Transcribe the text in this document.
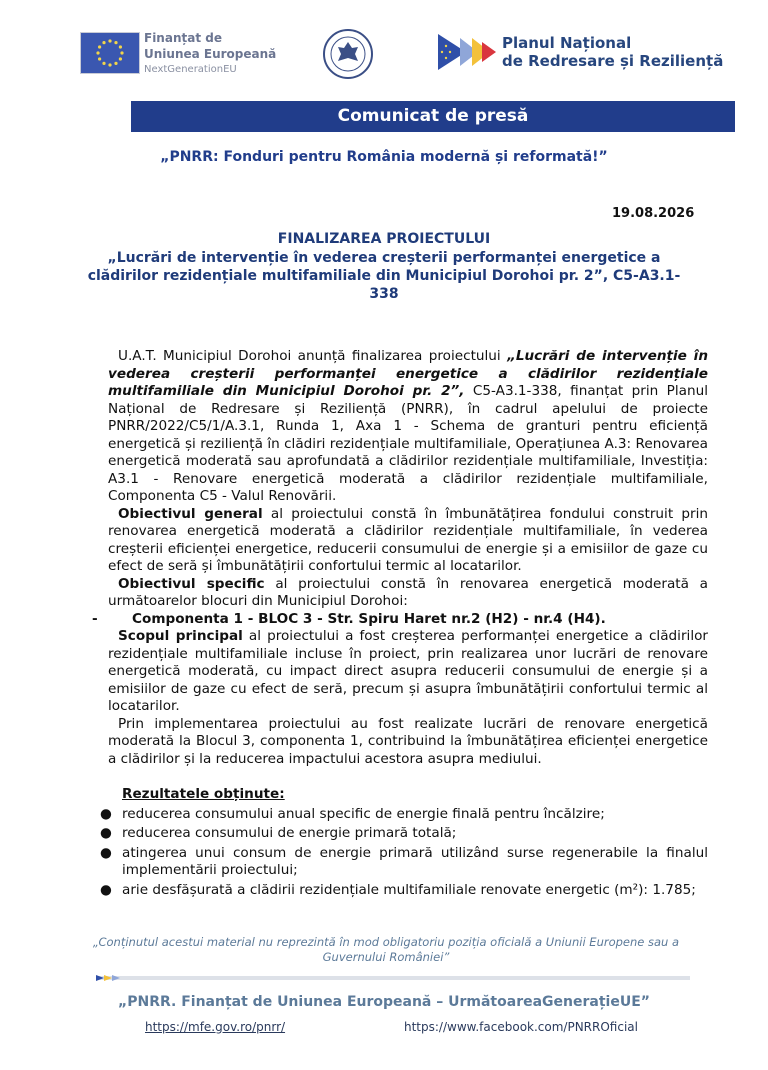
Finanțat de
Uniunea Europeană
NextGenerationEU
Planul Național
de Redresare și Reziliență
Comunicat de presă
„PNRR: Fonduri pentru România modernă și reformată!”
19.08.2026
FINALIZAREA PROIECTULUI
„Lucrări de intervenție în vederea creșterii performanței energetice a clădirilor rezidențiale multifamiliale din Municipiul Dorohoi pr. 2”, C5-A3.1-338

U.A.T. Municipiul Dorohoi anunță finalizarea proiectului „Lucrări de intervenție în vederea creșterii performanței energetice a clădirilor rezidențiale multifamiliale din Municipiul Dorohoi pr. 2”, C5-A3.1-338, finanțat prin Planul Național de Redresare și Reziliență (PNRR), în cadrul apelului de proiecte PNRR/2022/C5/1/A.3.1, Runda 1, Axa 1 - Schema de granturi pentru eficiență energetică și reziliență în clădiri rezidențiale multifamiliale, Operațiunea A.3: Renovarea energetică moderată sau aprofundată a clădirilor rezidențiale multifamiliale, Investiția: A3.1 - Renovare energetică moderată a clădirilor rezidențiale multifamiliale, Componenta C5 - Valul Renovării.

Obiectivul general al proiectului constă în îmbunătățirea fondului construit prin renovarea energetică moderată a clădirilor rezidențiale multifamiliale, în vederea creșterii eficienței energetice, reducerii consumului de energie și a emisiilor de gaze cu efect de seră și îmbunătățirii confortului termic al locatarilor.

Obiectivul specific al proiectului constă în renovarea energetică moderată a următoarelor blocuri din Municipiul Dorohoi:

-	Componenta 1 - BLOC 3 - Str. Spiru Haret nr.2 (H2) - nr.4 (H4).

Scopul principal al proiectului a fost creșterea performanței energetice a clădirilor rezidențiale multifamiliale incluse în proiect, prin realizarea unor lucrări de renovare energetică moderată, cu impact direct asupra reducerii consumului de energie și a emisiilor de gaze cu efect de seră, precum și asupra îmbunătățirii confortului termic al locatarilor.

Prin implementarea proiectului au fost realizate lucrări de renovare energetică moderată la Blocul 3, componenta 1, contribuind la îmbunătățirea eficienței energetice a clădirilor și la reducerea impactului acestora asupra mediului.

Rezultatele obținute:

● reducerea consumului anual specific de energie finală pentru încălzire;
● reducerea consumului de energie primară totală;
● atingerea unui consum de energie primară utilizând surse regenerabile la finalul implementării proiectului;
● arie desfășurată a clădirii rezidențiale multifamiliale renovate energetic (m²): 1.785;
„Conținutul acestui material nu reprezintă în mod obligatoriu poziția oficială a Uniunii Europene sau a Guvernului României”
„PNRR. Finanțat de Uniunea Europeană – UrmătoareaGenerațieUE”
https://mfe.gov.ro/pnrr/	https://www.facebook.com/PNRROficial
